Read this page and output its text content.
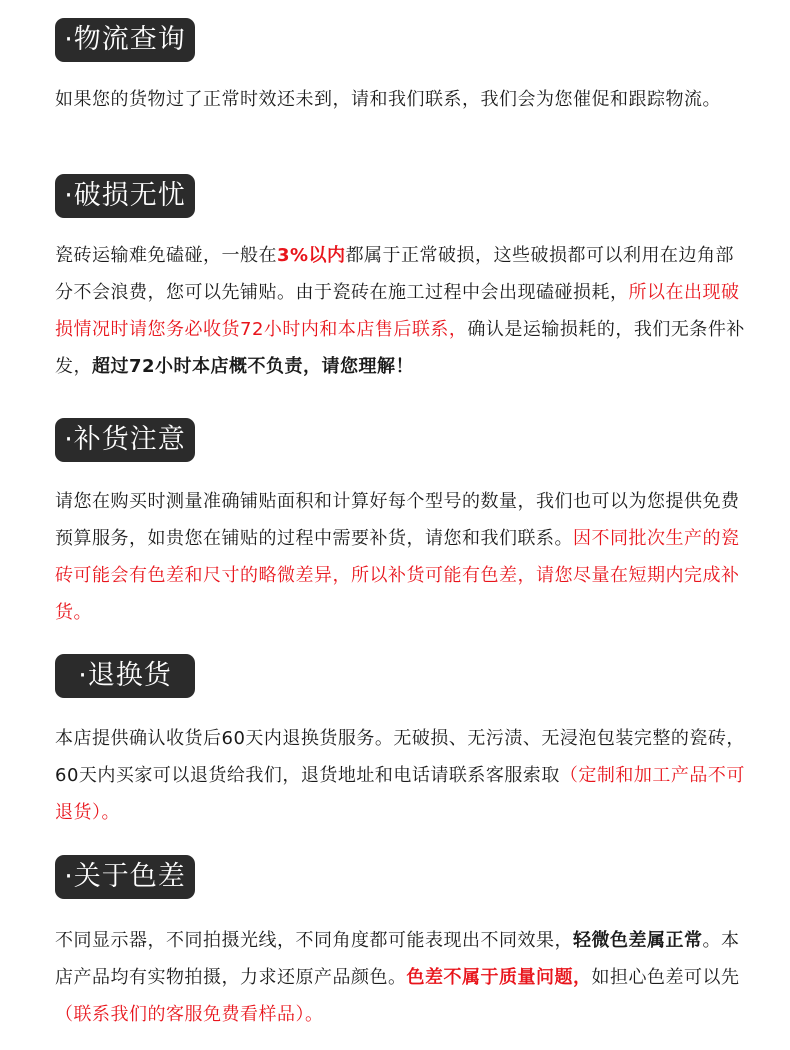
·物流查询

如果您的货物过了正常时效还未到，请和我们联系，我们会为您催促和跟踪物流。

·破损无忧

瓷砖运输难免磕碰，一般在3%以内都属于正常破损，这些破损都可以利用在边角部分不会浪费，您可以先铺贴。由于瓷砖在施工过程中会出现磕碰损耗，所以在出现破损情况时请您务必收货72小时内和本店售后联系，确认是运输损耗的，我们无条件补发，超过72小时本店概不负责，请您理解！

·补货注意

请您在购买时测量准确铺贴面积和计算好每个型号的数量，我们也可以为您提供免费预算服务，如贵您在铺贴的过程中需要补货，请您和我们联系。因不同批次生产的瓷砖可能会有色差和尺寸的略微差异，所以补货可能有色差，请您尽量在短期内完成补货。

·退换货

本店提供确认收货后60天内退换货服务。无破损、无污渍、无浸泡包装完整的瓷砖，60天内买家可以退货给我们，退货地址和电话请联系客服索取（定制和加工产品不可退货）。

·关于色差

不同显示器，不同拍摄光线，不同角度都可能表现出不同效果，轻微色差属正常。本店产品均有实物拍摄，力求还原产品颜色。色差不属于质量问题，如担心色差可以先（联系我们的客服免费看样品）。
